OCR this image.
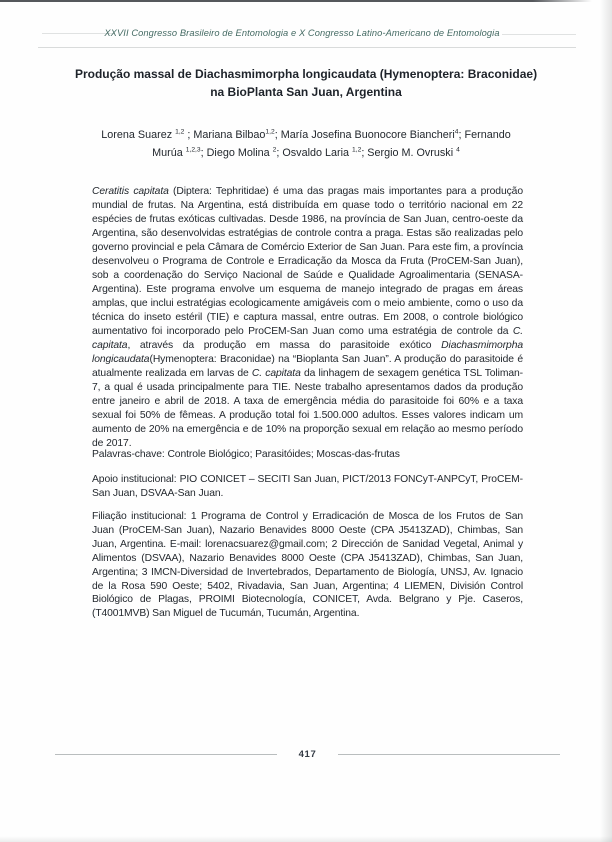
XXVII Congresso Brasileiro de Entomologia e X Congresso Latino-Americano de Entomologia
Produção massal de Diachasmimorpha longicaudata (Hymenoptera: Braconidae)
na BioPlanta San Juan, Argentina
Lorena Suarez $^{1,2}$ ; Mariana Bilbao$^{1,2}$; María Josefina Buonocore Biancheri$^4$; Fernando
Murúa $^{1,2,3}$; Diego Molina $^2$; Osvaldo Laria $^{1,2}$; Sergio M. Ovruski $^4$

Ceratitis capitata (Diptera: Tephritidae) é uma das pragas mais importantes para a produção mundial de frutas. Na Argentina, está distribuída em quase todo o território nacional em 22 espécies de frutas exóticas cultivadas. Desde 1986, na província de San Juan, centro-oeste da Argentina, são desenvolvidas estratégias de controle contra a praga. Estas são realizadas pelo governo provincial e pela Câmara de Comércio Exterior de San Juan. Para este fim, a província desenvolveu o Programa de Controle e Erradicação da Mosca da Fruta (ProCEM-San Juan), sob a coordenação do Serviço Nacional de Saúde e Qualidade Agroalimentaria (SENASA-Argentina). Este programa envolve um esquema de manejo integrado de pragas em áreas amplas, que inclui estratégias ecologicamente amigáveis com o meio ambiente, como o uso da técnica do inseto estéril (TIE) e captura massal, entre outras. Em 2008, o controle biológico aumentativo foi incorporado pelo ProCEM-San Juan como uma estratégia de controle da C. capitata, através da produção em massa do parasitoide exótico Diachasmimorpha longicaudata(Hymenoptera: Braconidae) na “Bioplanta San Juan”. A produção do parasitoide é atualmente realizada em larvas de C. capitata da linhagem de sexagem genética TSL Toliman-7, a qual é usada principalmente para TIE. Neste trabalho apresentamos dados da produção entre janeiro e abril de 2018. A taxa de emergência média do parasitoide foi 60% e a taxa sexual foi 50% de fêmeas. A produção total foi 1.500.000 adultos. Esses valores indicam um aumento de 20% na emergência e de 10% na proporção sexual em relação ao mesmo período de 2017.

Palavras-chave: Controle Biológico; Parasitóides; Moscas-das-frutas

Apoio institucional: PIO CONICET – SECITI San Juan, PICT/2013 FONCyT-ANPCyT, ProCEM-San Juan, DSVAA-San Juan.

Filiação institucional: 1 Programa de Control y Erradicación de Mosca de los Frutos de San Juan (ProCEM-San Juan), Nazario Benavides 8000 Oeste (CPA J5413ZAD), Chimbas, San Juan, Argentina. E-mail: lorenacsuarez@gmail.com; 2 Dirección de Sanidad Vegetal, Animal y Alimentos (DSVAA), Nazario Benavides 8000 Oeste (CPA J5413ZAD), Chimbas, San Juan, Argentina; 3 IMCN-Diversidad de Invertebrados, Departamento de Biología, UNSJ, Av. Ignacio de la Rosa 590 Oeste; 5402, Rivadavia, San Juan, Argentina; 4 LIEMEN, División Control Biológico de Plagas, PROIMI Biotecnología, CONICET, Avda. Belgrano y Pje. Caseros, (T4001MVB) San Miguel de Tucumán, Tucumán, Argentina.

417
